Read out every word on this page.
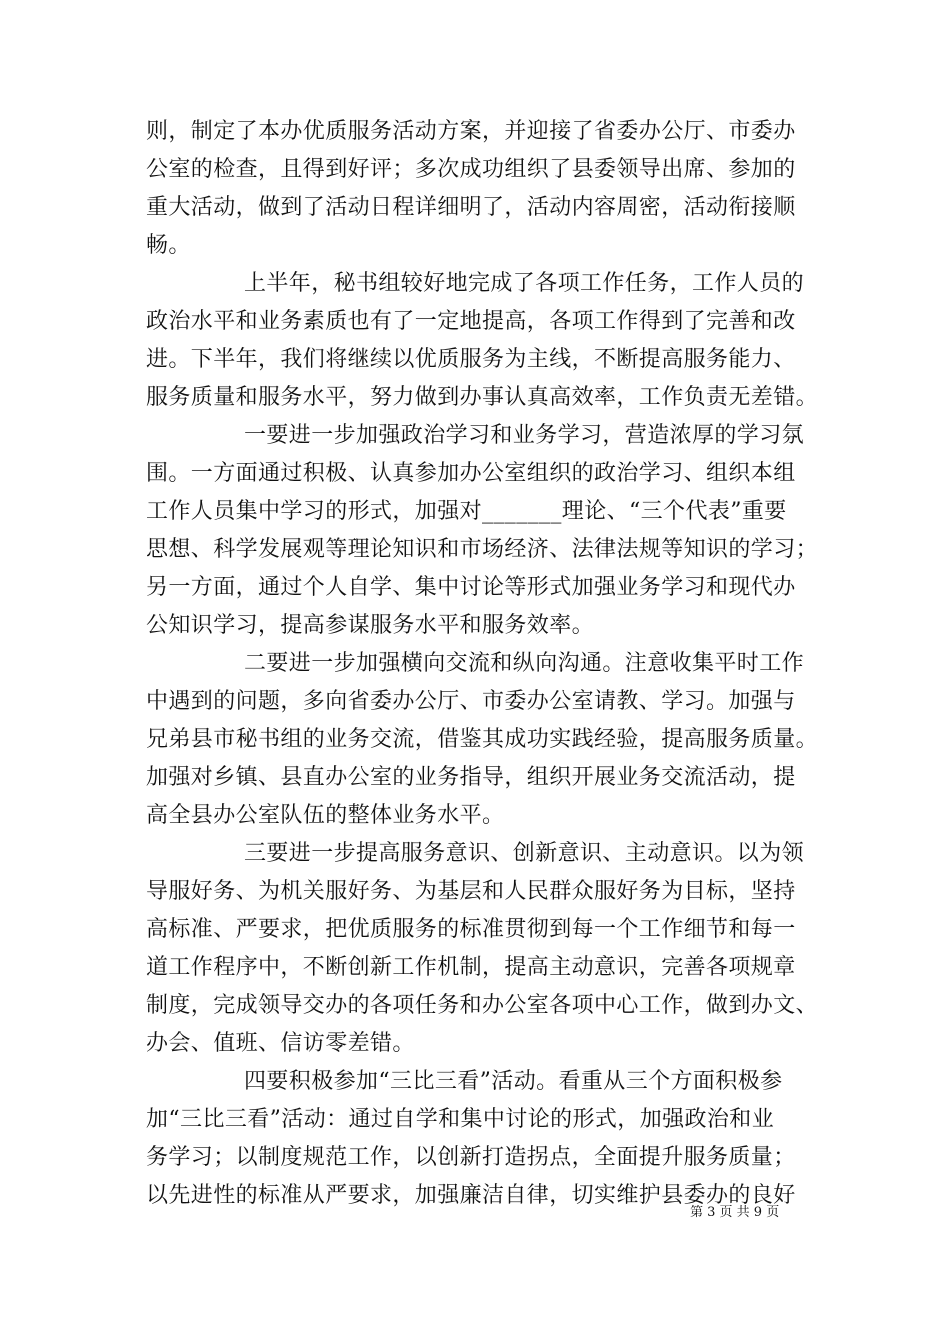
则，制定了本办优质服务活动方案，并迎接了省委办公厅、市委办
公室的检查，且得到好评；多次成功组织了县委领导出席、参加的
重大活动，做到了活动日程详细明了，活动内容周密，活动衔接顺
畅。
上半年，秘书组较好地完成了各项工作任务，工作人员的
政治水平和业务素质也有了一定地提高，各项工作得到了完善和改
进。下半年，我们将继续以优质服务为主线，不断提高服务能力、
服务质量和服务水平，努力做到办事认真高效率，工作负责无差错。
一要进一步加强政治学习和业务学习，营造浓厚的学习氛
围。一方面通过积极、认真参加办公室组织的政治学习、组织本组
工作人员集中学习的形式，加强对_______理论、“三个代表”重要
思想、科学发展观等理论知识和市场经济、法律法规等知识的学习；
另一方面，通过个人自学、集中讨论等形式加强业务学习和现代办
公知识学习，提高参谋服务水平和服务效率。
二要进一步加强横向交流和纵向沟通。注意收集平时工作
中遇到的问题，多向省委办公厅、市委办公室请教、学习。加强与
兄弟县市秘书组的业务交流，借鉴其成功实践经验，提高服务质量。
加强对乡镇、县直办公室的业务指导，组织开展业务交流活动，提
高全县办公室队伍的整体业务水平。
三要进一步提高服务意识、创新意识、主动意识。以为领
导服好务、为机关服好务、为基层和人民群众服好务为目标，坚持
高标准、严要求，把优质服务的标准贯彻到每一个工作细节和每一
道工作程序中，不断创新工作机制，提高主动意识，完善各项规章
制度，完成领导交办的各项任务和办公室各项中心工作，做到办文、
办会、值班、信访零差错。
四要积极参加“三比三看”活动。看重从三个方面积极参
加“三比三看”活动：通过自学和集中讨论的形式，加强政治和业
务学习；以制度规范工作，以创新打造拐点，全面提升服务质量；
以先进性的标准从严要求，加强廉洁自律，切实维护县委办的良好
第 3 页 共 9 页
